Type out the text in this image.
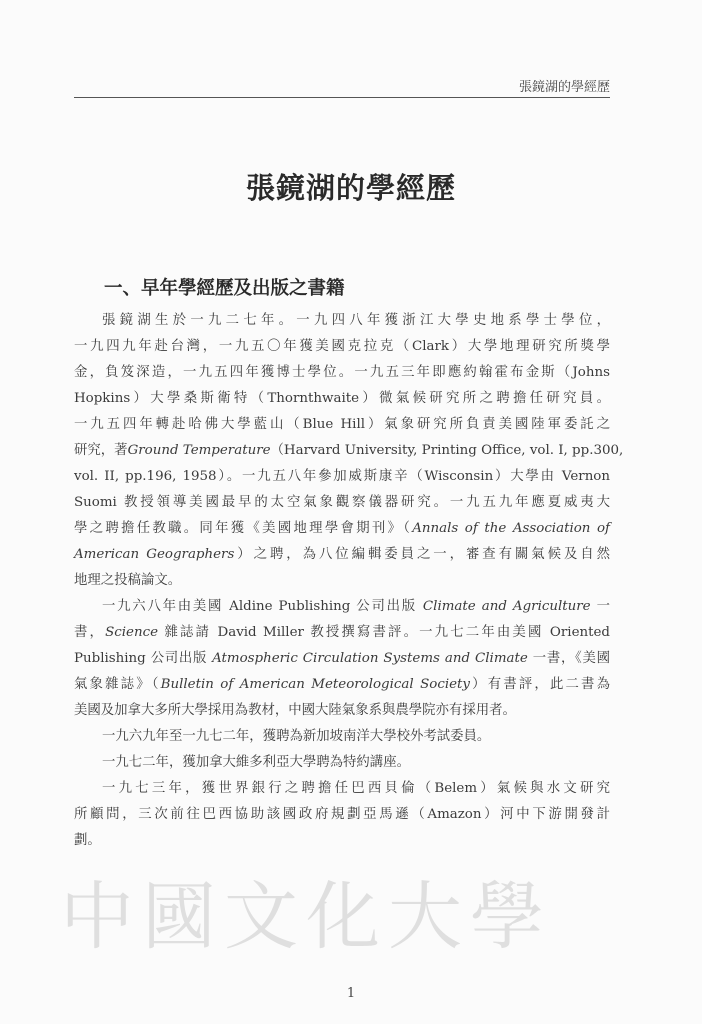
張鏡湖的學經歷
張鏡湖的學經歷
一、早年學經歷及出版之書籍

張鏡湖生於一九二七年。一九四八年獲浙江大學史地系學士學位，
一九四九年赴台灣，一九五〇年獲美國克拉克（Clark）大學地理研究所獎學
金，負笈深造，一九五四年獲博士學位。一九五三年即應約翰霍布金斯（Johns
Hopkins）大學桑斯衛特（Thornthwaite）微氣候研究所之聘擔任研究員。
一九五四年轉赴哈佛大學藍山（Blue Hill）氣象研究所負責美國陸軍委託之
研究，著Ground Temperature（Harvard University, Printing Office, vol. I, pp.300,
vol. II, pp.196, 1958）。一九五八年參加威斯康辛（Wisconsin）大學由 Vernon
Suomi 教授領導美國最早的太空氣象觀察儀器研究。一九五九年應夏威夷大
學之聘擔任教職。同年獲《美國地理學會期刊》（Annals of the Association of
American Geographers）之聘，為八位編輯委員之一，審查有關氣候及自然
地理之投稿論文。

一九六八年由美國 Aldine Publishing 公司出版 Climate and Agriculture 一
書，Science 雜誌請 David Miller 教授撰寫書評。一九七二年由美國 Oriented
Publishing 公司出版 Atmospheric Circulation Systems and Climate 一書，《美國
氣象雜誌》（Bulletin of American Meteorological Society）有書評，此二書為
美國及加拿大多所大學採用為教材，中國大陸氣象系與農學院亦有採用者。

一九六九年至一九七二年，獲聘為新加坡南洋大學校外考試委員。

一九七二年，獲加拿大維多利亞大學聘為特約講座。

一九七三年，獲世界銀行之聘擔任巴西貝倫（Belem）氣候與水文研究
所顧問，三次前往巴西協助該國政府規劃亞馬遜（Amazon）河中下游開發計
劃。

中國文化大學
1
